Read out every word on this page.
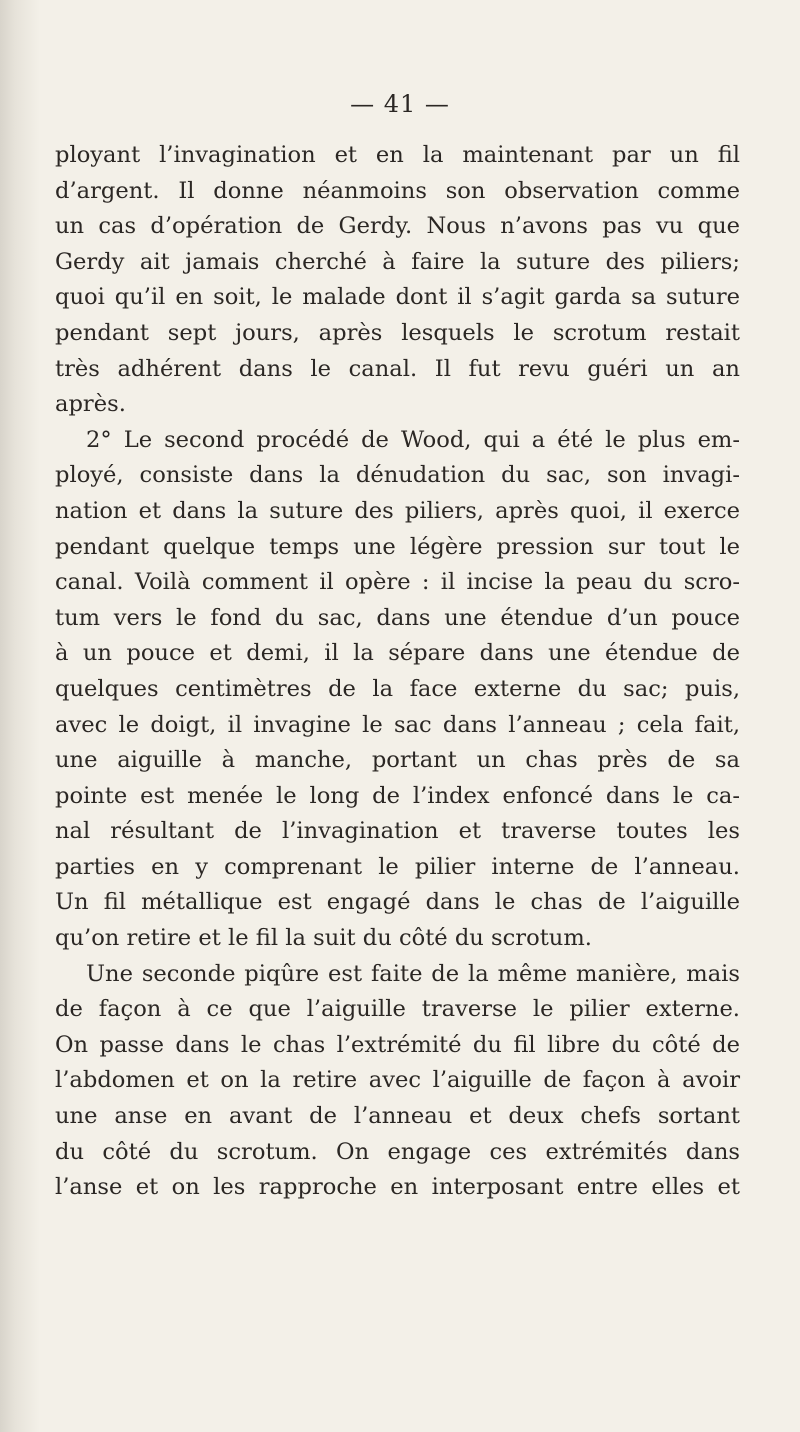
— 41 —
ployant l’invagination et en la maintenant par un fil
d’argent. Il donne néanmoins son observation comme
un cas d’opération de Gerdy. Nous n’avons pas vu que
Gerdy ait jamais cherché à faire la suture des piliers;
quoi qu’il en soit, le malade dont il s’agit garda sa suture
pendant sept jours, après lesquels le scrotum restait
très adhérent dans le canal. Il fut revu guéri un an
après.
2° Le second procédé de Wood, qui a été le plus em-
ployé, consiste dans la dénudation du sac, son invagi-
nation et dans la suture des piliers, après quoi, il exerce
pendant quelque temps une légère pression sur tout le
canal. Voilà comment il opère : il incise la peau du scro-
tum vers le fond du sac, dans une étendue d’un pouce
à un pouce et demi, il la sépare dans une étendue de
quelques centimètres de la face externe du sac; puis,
avec le doigt, il invagine le sac dans l’anneau ; cela fait,
une aiguille à manche, portant un chas près de sa
pointe est menée le long de l’index enfoncé dans le ca-
nal résultant de l’invagination et traverse toutes les
parties en y comprenant le pilier interne de l’anneau.
Un fil métallique est engagé dans le chas de l’aiguille
qu’on retire et le fil la suit du côté du scrotum.
Une seconde piqûre est faite de la même manière, mais
de façon à ce que l’aiguille traverse le pilier externe.
On passe dans le chas l’extrémité du fil libre du côté de
l’abdomen et on la retire avec l’aiguille de façon à avoir
une anse en avant de l’anneau et deux chefs sortant
du côté du scrotum. On engage ces extrémités dans
l’anse et on les rapproche en interposant entre elles et
